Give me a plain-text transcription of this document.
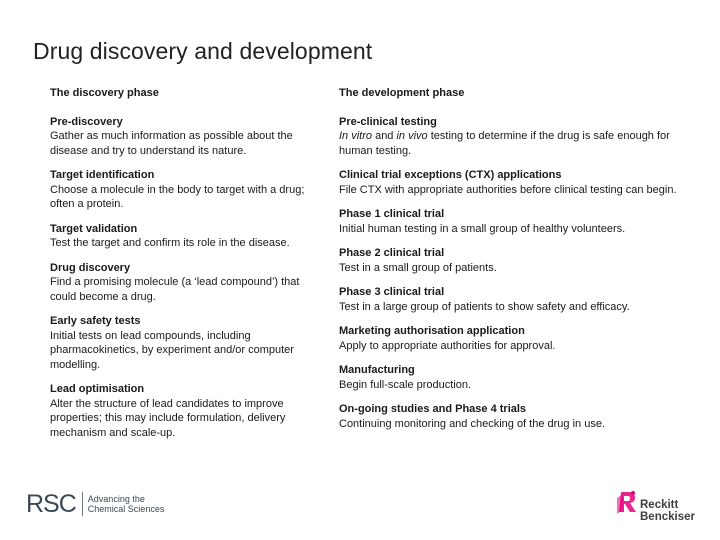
Drug discovery and development
The discovery phase
Pre-discovery
Gather as much information as possible about the disease and try to understand its nature.
Target identification
Choose a molecule in the body to target with a drug; often a protein.
Target validation
Test the target and confirm its role in the disease.
Drug discovery
Find a promising molecule (a ‘lead compound’) that could become a drug.
Early safety tests
Initial tests on lead compounds, including pharmacokinetics, by experiment and/or computer modelling.
Lead optimisation
Alter the structure of lead candidates to improve properties; this may include formulation, delivery mechanism and scale-up.
The development phase
Pre-clinical testing
In vitro and in vivo testing to determine if the drug is safe enough for human testing.
Clinical trial exceptions (CTX) applications
File CTX with appropriate authorities before clinical testing can begin.
Phase 1 clinical trial
Initial human testing in a small group of healthy volunteers.
Phase 2 clinical trial
Test in a small group of patients.
Phase 3 clinical trial
Test in a large group of patients to show safety and efficacy.
Marketing authorisation application
Apply to appropriate authorities for approval.
Manufacturing
Begin full-scale production.
On-going studies and Phase 4 trials
Continuing monitoring and checking of the drug in use.
RSC	Advancing the
Chemical Sciences	Reckitt
Benckiser
